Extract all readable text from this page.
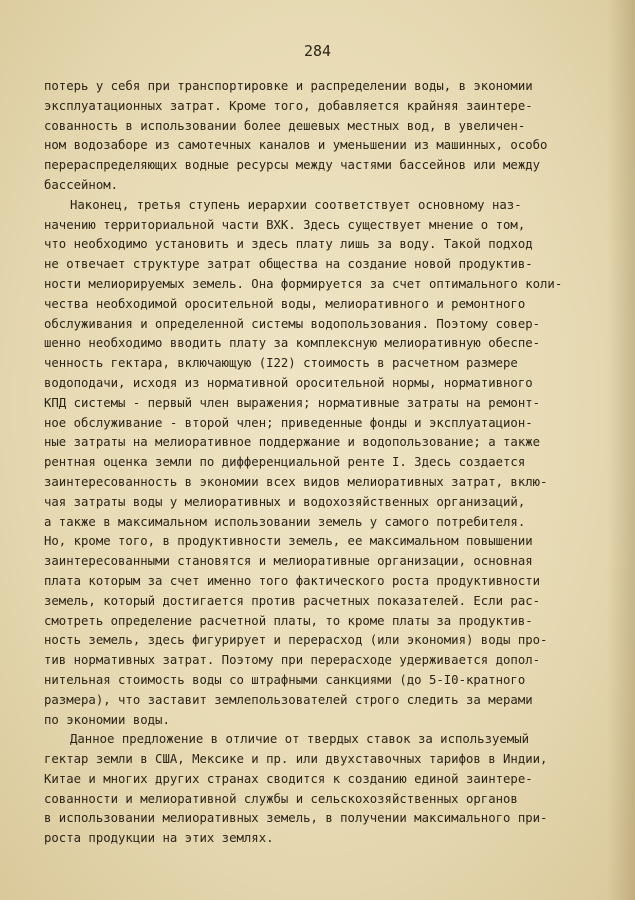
284
потерь у себя при транспортировке и распределении воды, в экономии
эксплуатационных затрат. Кроме того, добавляется крайняя заинтере-
сованность в использовании более дешевых местных вод, в увеличен-
ном водозаборе из самотечных каналов и уменьшении из машинных, особо
перераспределяющих водные ресурсы между частями бассейнов или между
бассейном.
Наконец, третья ступень иерархии соответствует основному наз-
начению территориальной части ВХК. Здесь существует мнение о том,
что необходимо установить и здесь плату лишь за воду. Такой подход
не отвечает структуре затрат общества на создание новой продуктив-
ности мелиорируемых земель. Она формируется за счет оптимального коли-
чества необходимой оросительной воды, мелиоративного и ремонтного
обслуживания и определенной системы водопользования. Поэтому совер-
шенно необходимо вводить плату за комплексную мелиоративную обеспе-
ченность гектара, включающую (I22) стоимость в расчетном размере
водоподачи, исходя из нормативной оросительной нормы, нормативного
КПД системы - первый член выражения; нормативные затраты на ремонт-
ное обслуживание - второй член; приведенные фонды и эксплуатацион-
ные затраты на мелиоративное поддержание и водопользование; а также
рентная оценка земли по дифференциальной ренте I. Здесь создается
заинтересованность в экономии всех видов мелиоративных затрат, вклю-
чая затраты воды у мелиоративных и водохозяйственных организаций,
а также в максимальном использовании земель у самого потребителя.
Но, кроме того, в продуктивности земель, ее максимальном повышении
заинтересованными становятся и мелиоративные организации, основная
плата которым за счет именно того фактического роста продуктивности
земель, который достигается против расчетных показателей. Если рас-
смотреть определение расчетной платы, то кроме платы за продуктив-
ность земель, здесь фигурирует и перерасход (или экономия) воды про-
тив нормативных затрат. Поэтому при перерасходе удерживается допол-
нительная стоимость воды со штрафными санкциями (до 5-I0-кратного
размера), что заставит землепользователей строго следить за мерами
по экономии воды.
Данное предложение в отличие от твердых ставок за используемый
гектар земли в США, Мексике и пр. или двухставочных тарифов в Индии,
Китае и многих других странах сводится к созданию единой заинтере-
сованности и мелиоративной службы и сельскохозяйственных органов
в использовании мелиоративных земель, в получении максимального при-
роста продукции на этих землях.
